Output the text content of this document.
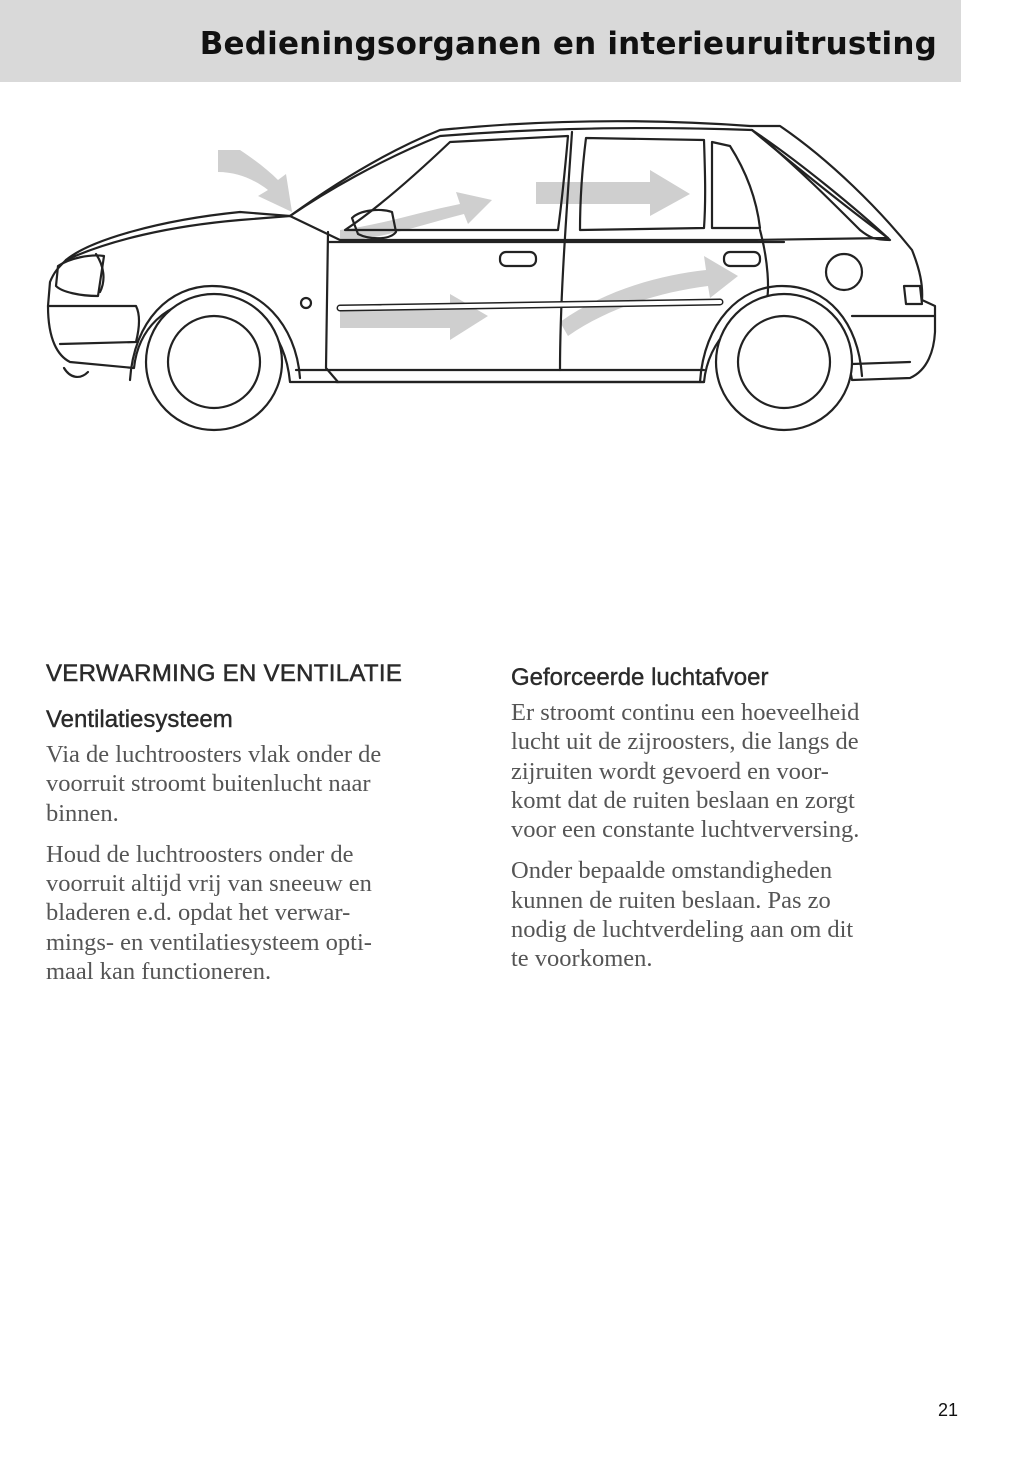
Bedieningsorganen en interieuruitrusting
VERWARMING EN VENTILATIE
Ventilatiesysteem

Via de luchtroosters vlak onder de
voorruit stroomt buitenlucht naar
binnen.

Houd de luchtroosters onder de
voorruit altijd vrij van sneeuw en
bladeren e.d. opdat het verwar-
mings- en ventilatiesysteem opti-
maal kan functioneren.

Geforceerde luchtafvoer

Er stroomt continu een hoeveelheid
lucht uit de zijroosters, die langs de
zijruiten wordt gevoerd en voor-
komt dat de ruiten beslaan en zorgt
voor een constante luchtverversing.

Onder bepaalde omstandigheden
kunnen de ruiten beslaan. Pas zo
nodig de luchtverdeling aan om dit
te voorkomen.

21
